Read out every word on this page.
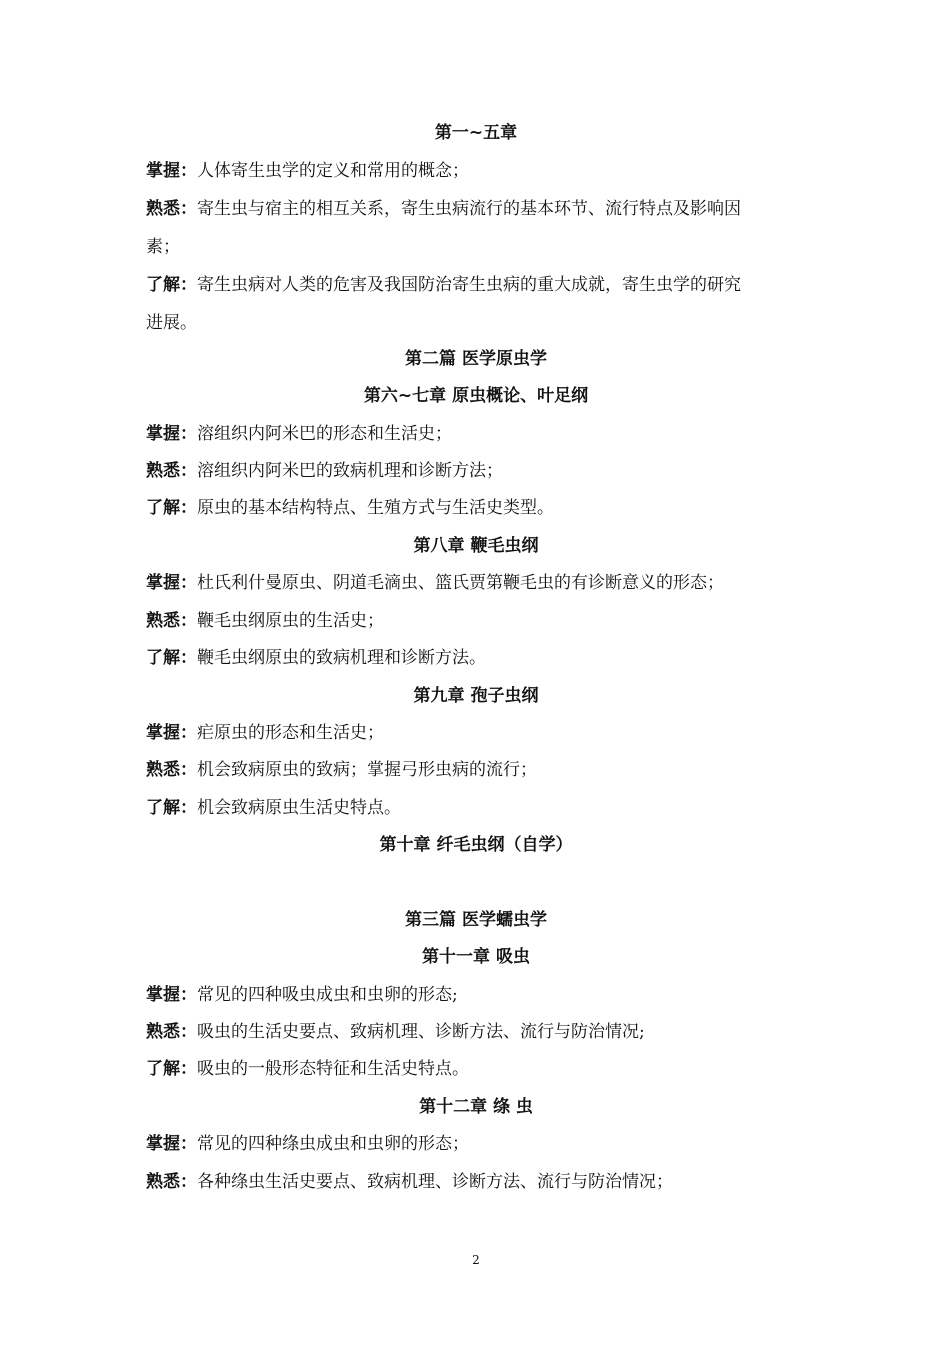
第一~五章
掌握：人体寄生虫学的定义和常用的概念；
熟悉：寄生虫与宿主的相互关系，寄生虫病流行的基本环节、流行特点及影响因
素；
了解：寄生虫病对人类的危害及我国防治寄生虫病的重大成就，寄生虫学的研究
进展。
第二篇 医学原虫学
第六~七章 原虫概论、叶足纲
掌握：溶组织内阿米巴的形态和生活史；
熟悉：溶组织内阿米巴的致病机理和诊断方法；
了解：原虫的基本结构特点、生殖方式与生活史类型。
第八章 鞭毛虫纲
掌握：杜氏利什曼原虫、阴道毛滴虫、篮氏贾第鞭毛虫的有诊断意义的形态；
熟悉：鞭毛虫纲原虫的生活史；
了解：鞭毛虫纲原虫的致病机理和诊断方法。
第九章 孢子虫纲
掌握：疟原虫的形态和生活史；
熟悉：机会致病原虫的致病；掌握弓形虫病的流行；
了解：机会致病原虫生活史特点。
第十章 纤毛虫纲（自学）
第三篇 医学蠕虫学
第十一章 吸虫
掌握：常见的四种吸虫成虫和虫卵的形态;
熟悉：吸虫的生活史要点、致病机理、诊断方法、流行与防治情况;
了解：吸虫的一般形态特征和生活史特点。
第十二章 绦 虫
掌握：常见的四种绦虫成虫和虫卵的形态；
熟悉：各种绦虫生活史要点、致病机理、诊断方法、流行与防治情况；
2
